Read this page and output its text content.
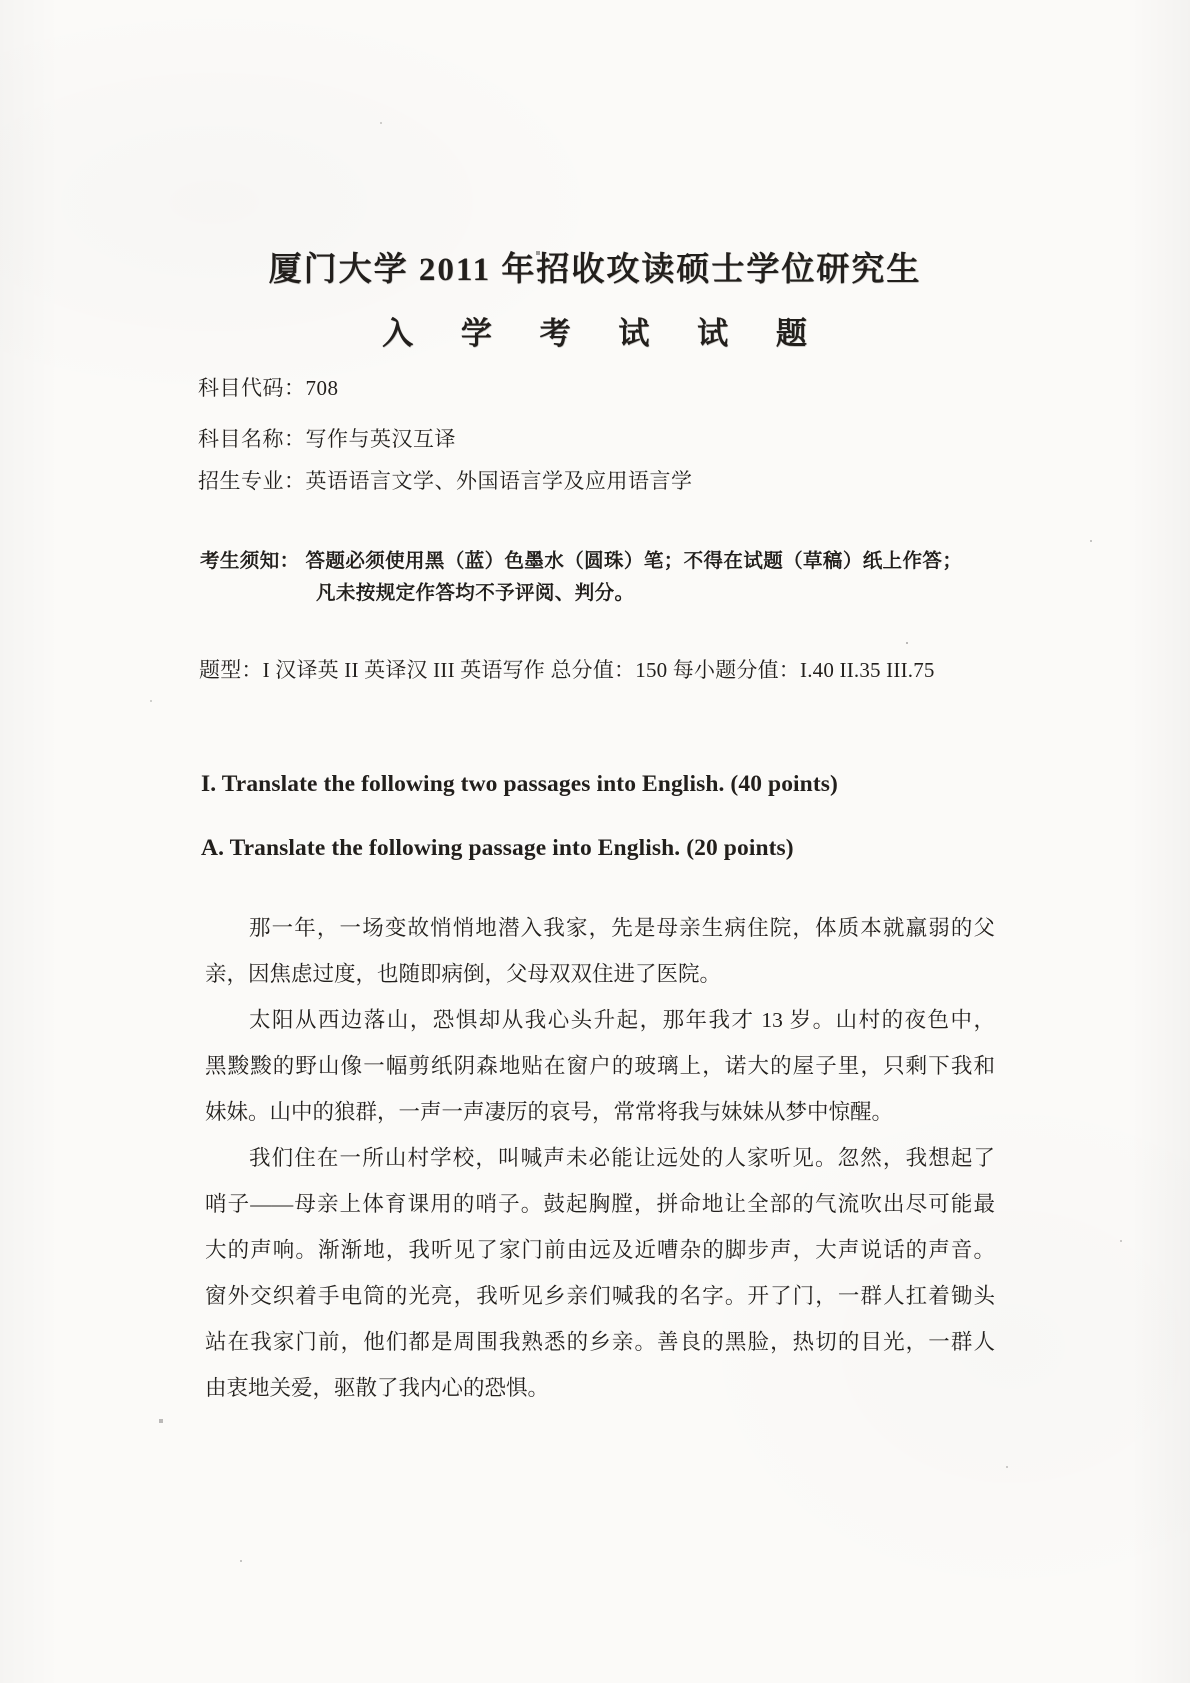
厦门大学 2011 年招收攻读硕士学位研究生
入 学 考 试 试 题
科目代码：708
科目名称：写作与英汉互译
招生专业：英语语言文学、外国语言学及应用语言学
考生须知： 答题必须使用黑（蓝）色墨水（圆珠）笔；不得在试题（草稿）纸上作答；
凡未按规定作答均不予评阅、判分。
题型：I 汉译英 II 英译汉 III 英语写作 总分值：150 每小题分值：I.40 II.35 III.75
I. Translate the following two passages into English. (40 points)
A. Translate the following passage into English. (20 points)
那一年，一场变故悄悄地潜入我家，先是母亲生病住院，体质本就羸弱的父
亲，因焦虑过度，也随即病倒，父母双双住进了医院。
太阳从西边落山，恐惧却从我心头升起，那年我才 13 岁。山村的夜色中，
黑黢黢的野山像一幅剪纸阴森地贴在窗户的玻璃上，诺大的屋子里，只剩下我和
妹妹。山中的狼群，一声一声凄厉的哀号，常常将我与妹妹从梦中惊醒。
我们住在一所山村学校，叫喊声未必能让远处的人家听见。忽然，我想起了
哨子——母亲上体育课用的哨子。鼓起胸膛，拼命地让全部的气流吹出尽可能最
大的声响。渐渐地，我听见了家门前由远及近嘈杂的脚步声，大声说话的声音。
窗外交织着手电筒的光亮，我听见乡亲们喊我的名字。开了门，一群人扛着锄头
站在我家门前，他们都是周围我熟悉的乡亲。善良的黑脸，热切的目光，一群人
由衷地关爱，驱散了我内心的恐惧。
